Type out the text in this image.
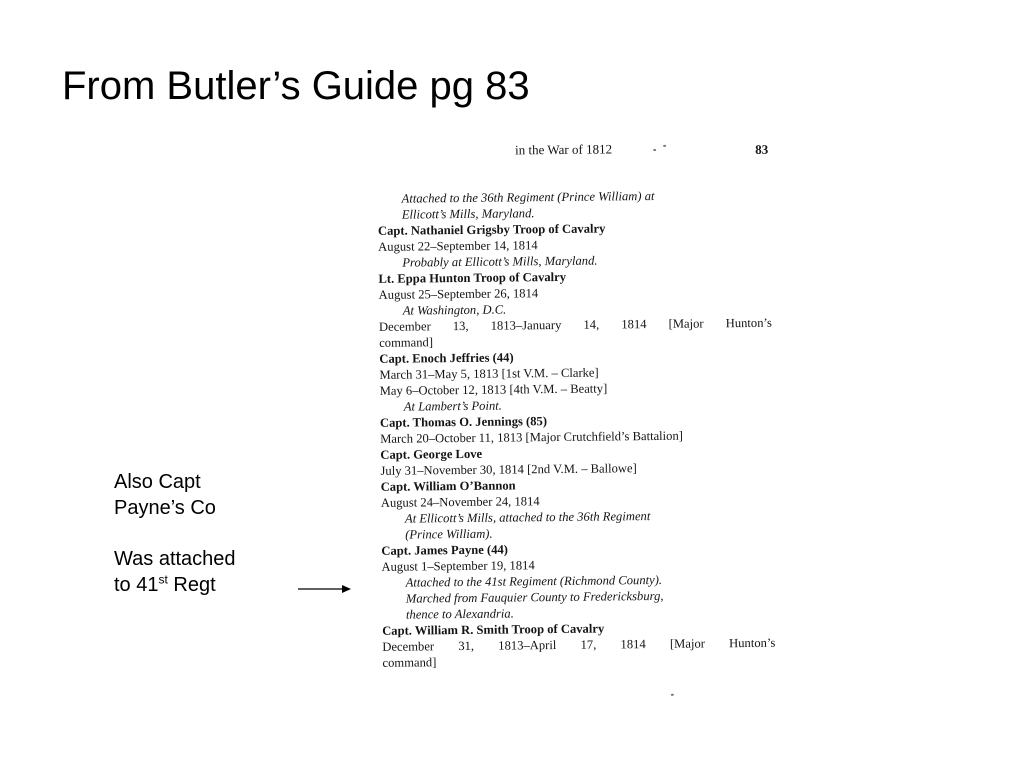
From Butler’s Guide pg 83
Also Capt
Payne’s Co
Was attached
to 41st Regt
in the War of 1812	83
Attached to the 36th Regiment (Prince William) at
Ellicott’s Mills, Maryland.
Capt. Nathaniel Grigsby Troop of Cavalry
August 22–September 14, 1814
Probably at Ellicott’s Mills, Maryland.
Lt. Eppa Hunton Troop of Cavalry
August 25–September 26, 1814
At Washington, D.C.
December 13, 1813–January 14, 1814 [Major Hunton’s
command]
Capt. Enoch Jeffries (44)
March 31–May 5, 1813 [1st V.M. – Clarke]
May 6–October 12, 1813 [4th V.M. – Beatty]
At Lambert’s Point.
Capt. Thomas O. Jennings (85)
March 20–October 11, 1813 [Major Crutchfield’s Battalion]
Capt. George Love
July 31–November 30, 1814 [2nd V.M. – Ballowe]
Capt. William O’Bannon
August 24–November 24, 1814
At Ellicott’s Mills, attached to the 36th Regiment
(Prince William).
Capt. James Payne (44)
August 1–September 19, 1814
Attached to the 41st Regiment (Richmond County).
Marched from Fauquier County to Fredericksburg,
thence to Alexandria.
Capt. William R. Smith Troop of Cavalry
December 31, 1813–April 17, 1814 [Major Hunton’s
command]
